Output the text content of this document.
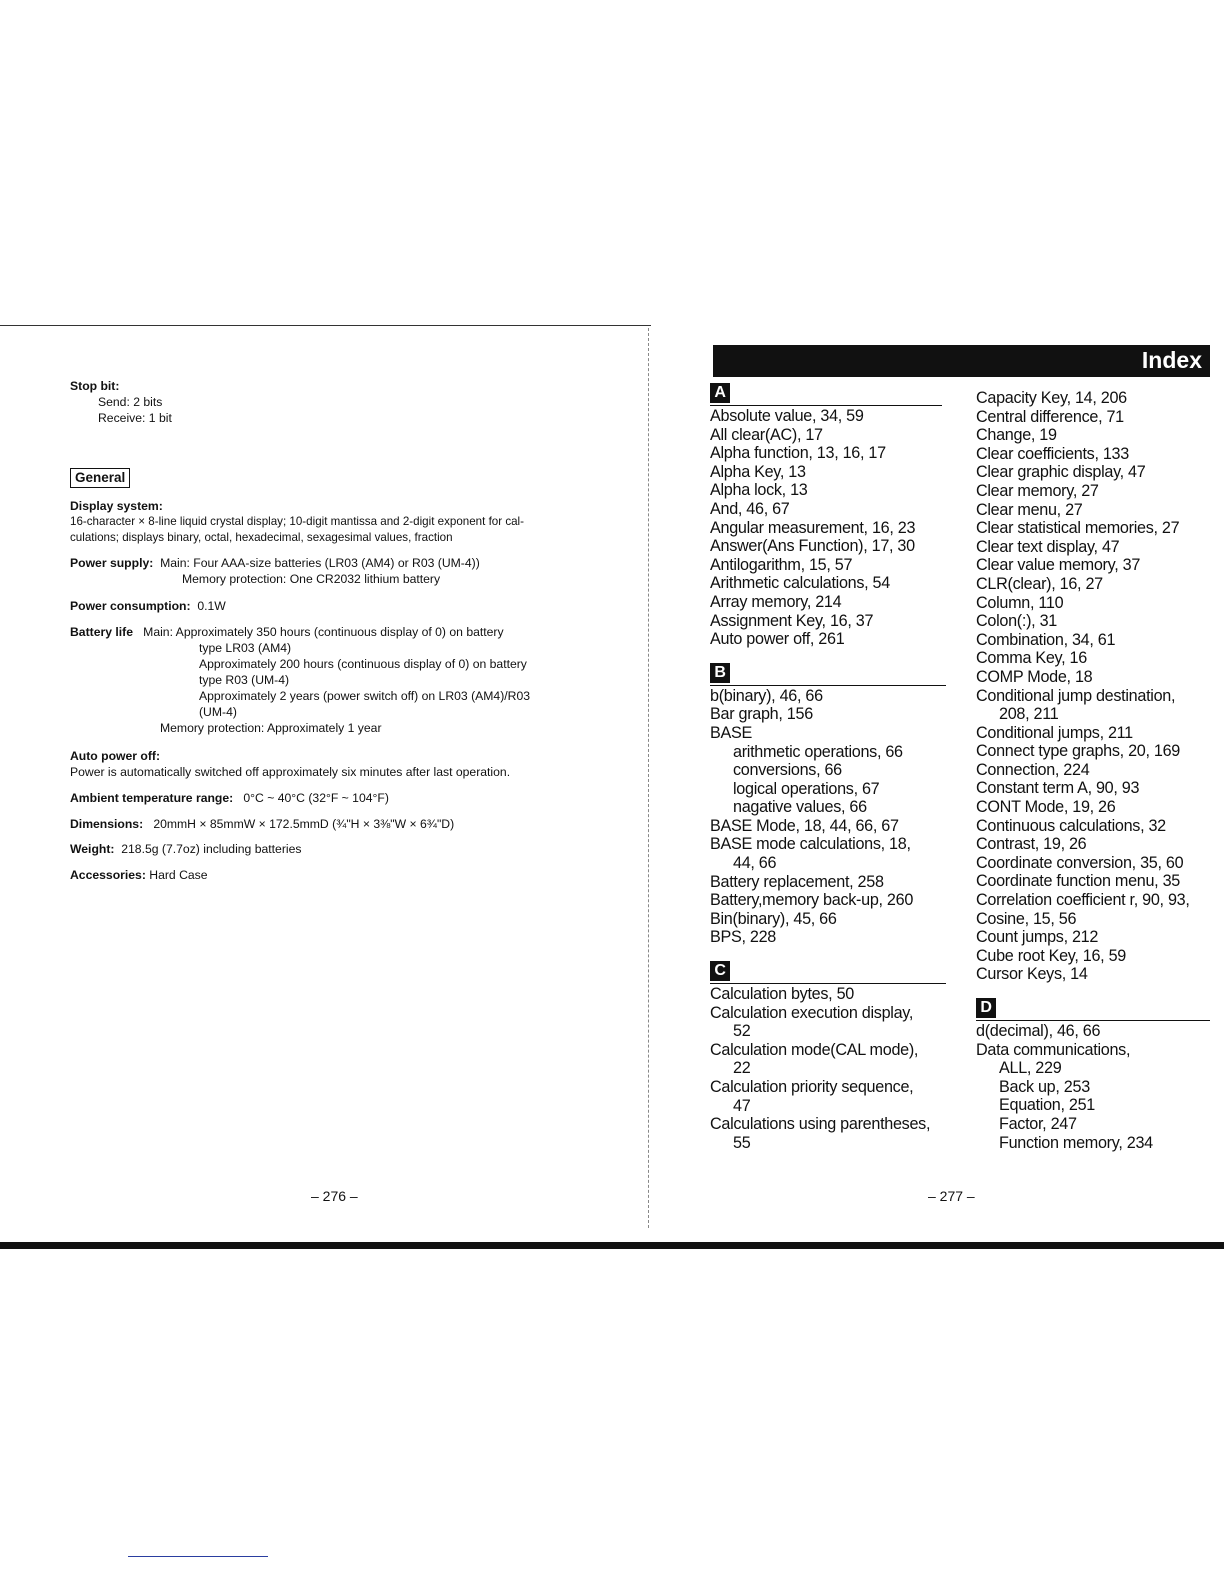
Stop bit:
Send: 2 bits
Receive: 1 bit
General
Display system:
16-character × 8-line liquid crystal display; 10-digit mantissa and 2-digit exponent for cal-
culations; displays binary, octal, hexadecimal, sexagesimal values, fraction
Power supply: Main: Four AAA-size batteries (LR03 (AM4) or R03 (UM-4))
Memory protection: One CR2032 lithium battery
Power consumption: 0.1W
Battery life Main: Approximately 350 hours (continuous display of 0) on battery
type LR03 (AM4)
Approximately 200 hours (continuous display of 0) on battery
type R03 (UM-4)
Approximately 2 years (power switch off) on LR03 (AM4)/R03
(UM-4)
Memory protection: Approximately 1 year
Auto power off:
Power is automatically switched off approximately six minutes after last operation.
Ambient temperature range: 0°C ~ 40°C (32°F ~ 104°F)
Dimensions: 20mmH × 85mmW × 172.5mmD (¾"H × 3⅜"W × 6¾"D)
Weight: 218.5g (7.7oz) including batteries
Accessories: Hard Case
– 276 –
Index
A
Absolute value, 34, 59
All clear(AC), 17
Alpha function, 13, 16, 17
Alpha Key, 13
Alpha lock, 13
And, 46, 67
Angular measurement, 16, 23
Answer(Ans Function), 17, 30
Antilogarithm, 15, 57
Arithmetic calculations, 54
Array memory, 214
Assignment Key, 16, 37
Auto power off, 261
B
b(binary), 46, 66
Bar graph, 156
BASE
arithmetic operations, 66
conversions, 66
logical operations, 67
nagative values, 66
BASE Mode, 18, 44, 66, 67
BASE mode calculations, 18,
44, 66
Battery replacement, 258
Battery,memory back-up, 260
Bin(binary), 45, 66
BPS, 228
C
Calculation bytes, 50
Calculation execution display,
52
Calculation mode(CAL mode),
22
Calculation priority sequence,
47
Calculations using parentheses,
55
Capacity Key, 14, 206
Central difference, 71
Change, 19
Clear coefficients, 133
Clear graphic display, 47
Clear memory, 27
Clear menu, 27
Clear statistical memories, 27
Clear text display, 47
Clear value memory, 37
CLR(clear), 16, 27
Column, 110
Colon(:), 31
Combination, 34, 61
Comma Key, 16
COMP Mode, 18
Conditional jump destination,
208, 211
Conditional jumps, 211
Connect type graphs, 20, 169
Connection, 224
Constant term A, 90, 93
CONT Mode, 19, 26
Continuous calculations, 32
Contrast, 19, 26
Coordinate conversion, 35, 60
Coordinate function menu, 35
Correlation coefficient r, 90, 93,
Cosine, 15, 56
Count jumps, 212
Cube root Key, 16, 59
Cursor Keys, 14
D
d(decimal), 46, 66
Data communications,
ALL, 229
Back up, 253
Equation, 251
Factor, 247
Function memory, 234
– 277 –
